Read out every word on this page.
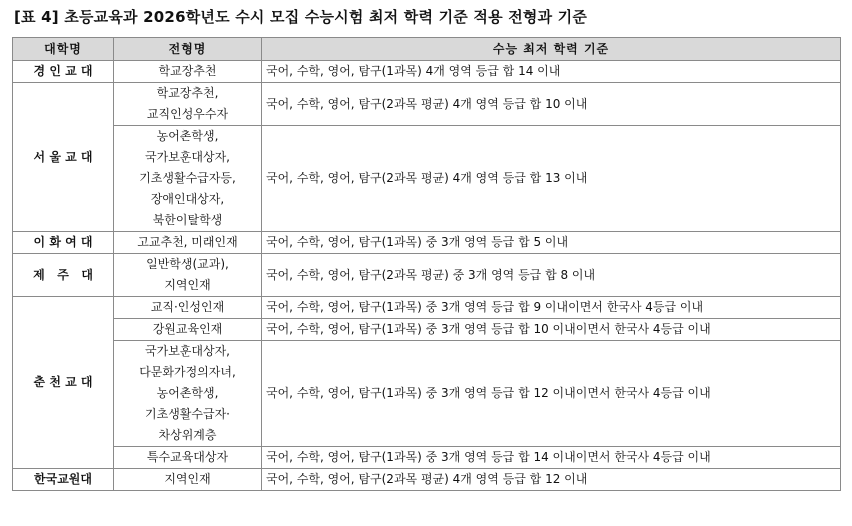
[표 4] 초등교육과 2026학년도 수시 모집 수능시험 최저 학력 기준 적용 전형과 기준
대학명	전형명	수능 최저 학력 기준
경 인 교 대	학교장추천	국어, 수학, 영어, 탐구(1과목) 4개 영역 등급 합 14 이내
서 울 교 대	학교장추천,
교직인성우수자	국어, 수학, 영어, 탐구(2과목 평균) 4개 영역 등급 합 10 이내

	농어촌학생,
국가보훈대상자,
기초생활수급자등,
장애인대상자,
북한이탈학생	국어, 수학, 영어, 탐구(2과목 평균) 4개 영역 등급 합 13 이내
이 화 여 대	고교추천, 미래인재	국어, 수학, 영어, 탐구(1과목) 중 3개 영역 등급 합 5 이내
제   주   대	일반학생(교과),
지역인재	국어, 수학, 영어, 탐구(2과목 평균) 중 3개 영역 등급 합 8 이내
춘 천 교 대	교직·인성인재	국어, 수학, 영어, 탐구(1과목) 중 3개 영역 등급 합 9 이내이면서 한국사 4등급 이내

	강원교육인재	국어, 수학, 영어, 탐구(1과목) 중 3개 영역 등급 합 10 이내이면서 한국사 4등급 이내

	국가보훈대상자,
다문화가정의자녀,
농어촌학생,
기초생활수급자·
차상위계층	국어, 수학, 영어, 탐구(1과목) 중 3개 영역 등급 합 12 이내이면서 한국사 4등급 이내

	특수교육대상자	국어, 수학, 영어, 탐구(1과목) 중 3개 영역 등급 합 14 이내이면서 한국사 4등급 이내
한국교원대	지역인재	국어, 수학, 영어, 탐구(2과목 평균) 4개 영역 등급 합 12 이내
